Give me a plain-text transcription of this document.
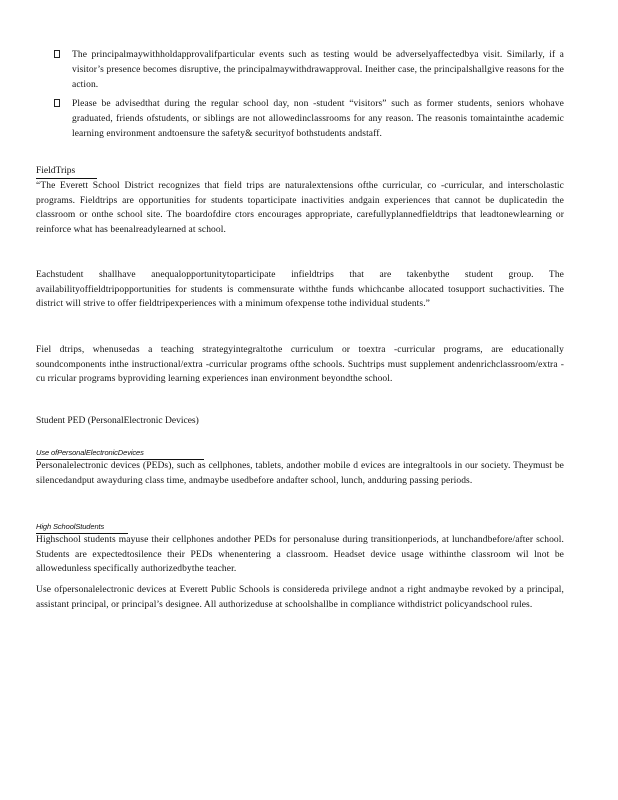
The principalmaywithholdapprovalifparticular events such as testing would be adverselyaffectedbya visit. Similarly, if a visitor’s presence becomes disruptive, the principalmaywithdrawapproval. Ineither case, the principalshallgive reasons for the action.

Please be advisedthat during the regular school day, non -student “visitors” such as former students, seniors whohave graduated, friends ofstudents, or siblings are not allowedinclassrooms for any reason. The reasonis tomaintainthe academic learning environment andtoensure the safety& securityof bothstudents andstaff.

FieldTrips

“The Everett School District recognizes that field trips are naturalextensions ofthe curricular, co -curricular, and interscholastic programs. Fieldtrips are opportunities for students toparticipate inactivities andgain experiences that cannot be duplicatedin the classroom or onthe school site. The boardofdire ctors encourages appropriate, carefullyplannedfieldtrips that leadtonewlearning or reinforce what has beenalreadylearned at school.

Eachstudent shallhave anequalopportunitytoparticipate infieldtrips that are takenbythe student group. The availabilityoffieldtripopportunities for students is commensurate withthe funds whichcanbe allocated tosupport suchactivities. The district will strive to offer fieldtripexperiences with a minimum ofexpense tothe individual students.”

Fiel dtrips, whenusedas a teaching strategyintegraltothe curriculum or toextra -curricular programs, are educationally soundcomponents inthe instructional/extra -curricular programs ofthe schools. Suchtrips must supplement andenrichclassroom/extra -cu rricular programs byproviding learning experiences inan environment beyondthe school.

Student PED (PersonalElectronic Devices)

Use ofPersonalElectronicDevices

Personalelectronic devices (PEDs), such as cellphones, tablets, andother mobile d evices are integraltools in our society. Theymust be silencedandput awayduring class time, andmaybe usedbefore andafter school, lunch, andduring passing periods.

High SchoolStudents

Highschool students mayuse their cellphones andother PEDs for personaluse during transitionperiods, at lunchandbefore/after school. Students are expectedtosilence their PEDs whenentering a classroom. Headset device usage withinthe classroom wil lnot be allowedunless specifically authorizedbythe teacher.

Use ofpersonalelectronic devices at Everett Public Schools is considereda privilege andnot a right andmaybe revoked by a principal, assistant principal, or principal’s designee. All authorizeduse at schoolshallbe in compliance withdistrict policyandschool rules.
